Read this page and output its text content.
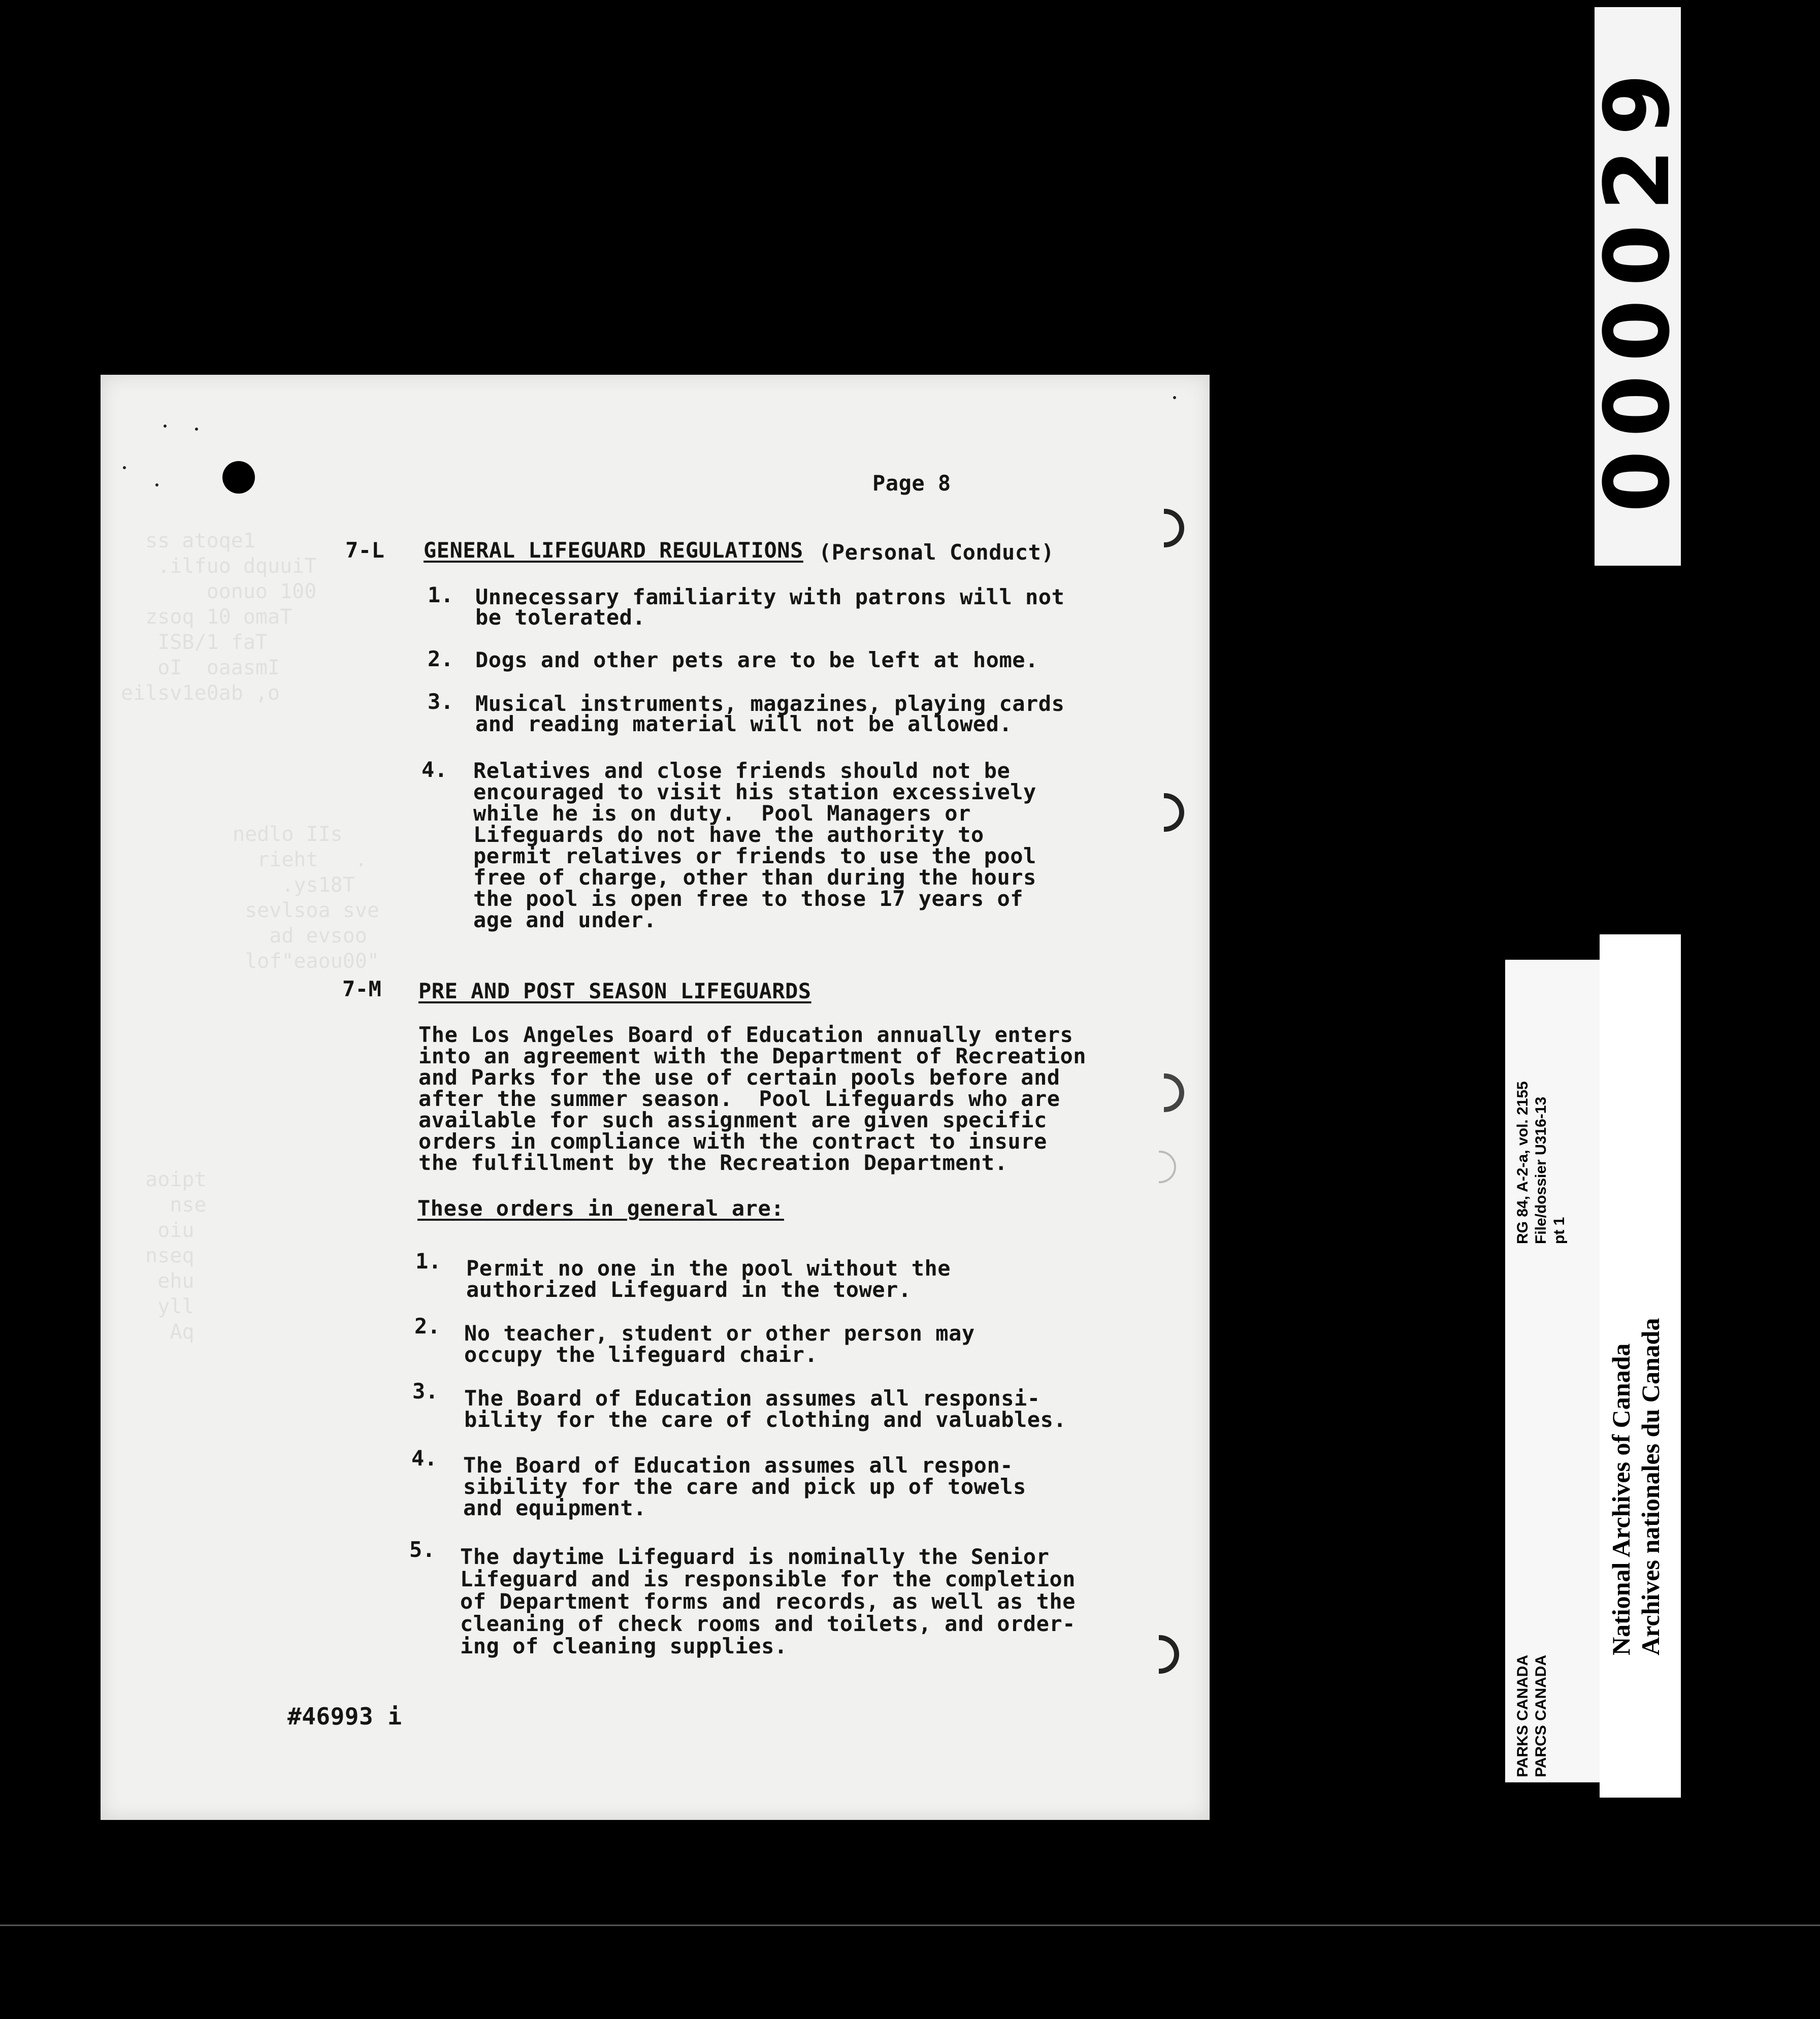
ss atoqe1
.ilfuo dquuiT
oonuo 100
zsoq 10 omaT
ISB/1 faT
oI  oaasmI
eilsv1e0ab ,o
nedlo IIs
rieht   .
.ys18T
sevlsoa sve
ad evsoo
lof"eaou00"
aoipt
nse
oiu
nseq
ehu
yll
Aq
Page 8
7-L GENERAL LIFEGUARD REGULATIONS (Personal Conduct)
1. Unnecessary familiarity with patrons will not
be tolerated.
2. Dogs and other pets are to be left at home.
3. Musical instruments, magazines, playing cards
and reading material will not be allowed.
4. Relatives and close friends should not be
encouraged to visit his station excessively
while he is on duty.  Pool Managers or
Lifeguards do not have the authority to
permit relatives or friends to use the pool
free of charge, other than during the hours
the pool is open free to those 17 years of
age and under.
7-M PRE AND POST SEASON LIFEGUARDS
The Los Angeles Board of Education annually enters
into an agreement with the Department of Recreation
and Parks for the use of certain pools before and
after the summer season.  Pool Lifeguards who are
available for such assignment are given specific
orders in compliance with the contract to insure
the fulfillment by the Recreation Department.
These orders in general are:
1. Permit no one in the pool without the
authorized Lifeguard in the tower.
2. No teacher, student or other person may
occupy the lifeguard chair.
3. The Board of Education assumes all responsi-
bility for the care of clothing and valuables.
4. The Board of Education assumes all respon-
sibility for the care and pick up of towels
and equipment.
5. The daytime Lifeguard is nominally the Senior
Lifeguard and is responsible for the completion
of Department forms and records, as well as the
cleaning of check rooms and toilets, and order-
ing of cleaning supplies.
#46993 i
000029
RG 84, A-2-a, vol. 2155 File/dossier U316-13 pt 1
PARKS CANADA PARCS CANADA
National Archives of Canada Archives nationales du Canada
